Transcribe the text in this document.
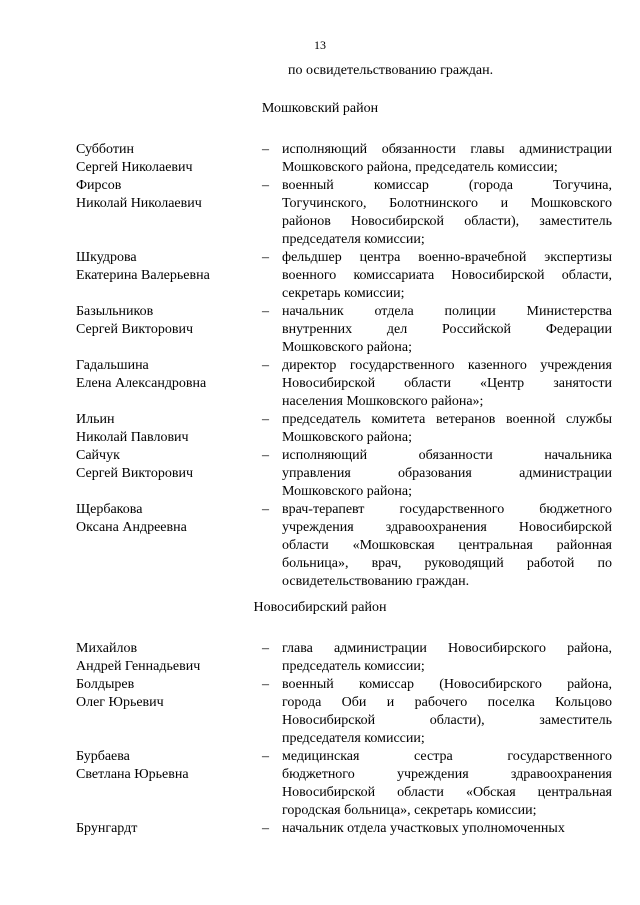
13
по освидетельствованию граждан.
Мошковский район
Новосибирский район
Субботин
Сергей Николаевич
– исполняющий обязанности главы администрации
Мошковского района, председатель комиссии;
Фирсов
Николай Николаевич
– военный комиссар (города Тогучина,
Тогучинского, Болотнинского и Мошковского
районов Новосибирской области), заместитель
председателя комиссии;
Шкудрова
Екатерина Валерьевна
– фельдшер центра военно-врачебной экспертизы
военного комиссариата Новосибирской области,
секретарь комиссии;
Базыльников
Сергей Викторович
– начальник отдела полиции Министерства
внутренних дел Российской Федерации
Мошковского района;
Гадальшина
Елена Александровна
– директор государственного казенного учреждения
Новосибирской области «Центр занятости
населения Мошковского района»;
Ильин
Николай Павлович
– председатель комитета ветеранов военной службы
Мошковского района;
Сайчук
Сергей Викторович
– исполняющий обязанности начальника
управления образования администрации
Мошковского района;
Щербакова
Оксана Андреевна
– врач-терапевт государственного бюджетного
учреждения здравоохранения Новосибирской
области «Мошковская центральная районная
больница», врач, руководящий работой по
освидетельствованию граждан.
Михайлов
Андрей Геннадьевич
– глава администрации Новосибирского района,
председатель комиссии;
Болдырев
Олег Юрьевич
– военный комиссар (Новосибирского района,
города Оби и рабочего поселка Кольцово
Новосибирской области), заместитель
председателя комиссии;
Бурбаева
Светлана Юрьевна
– медицинская сестра государственного
бюджетного учреждения здравоохранения
Новосибирской области «Обская центральная
городская больница», секретарь комиссии;
Брунгардт	– начальник отдела участковых уполномоченных
